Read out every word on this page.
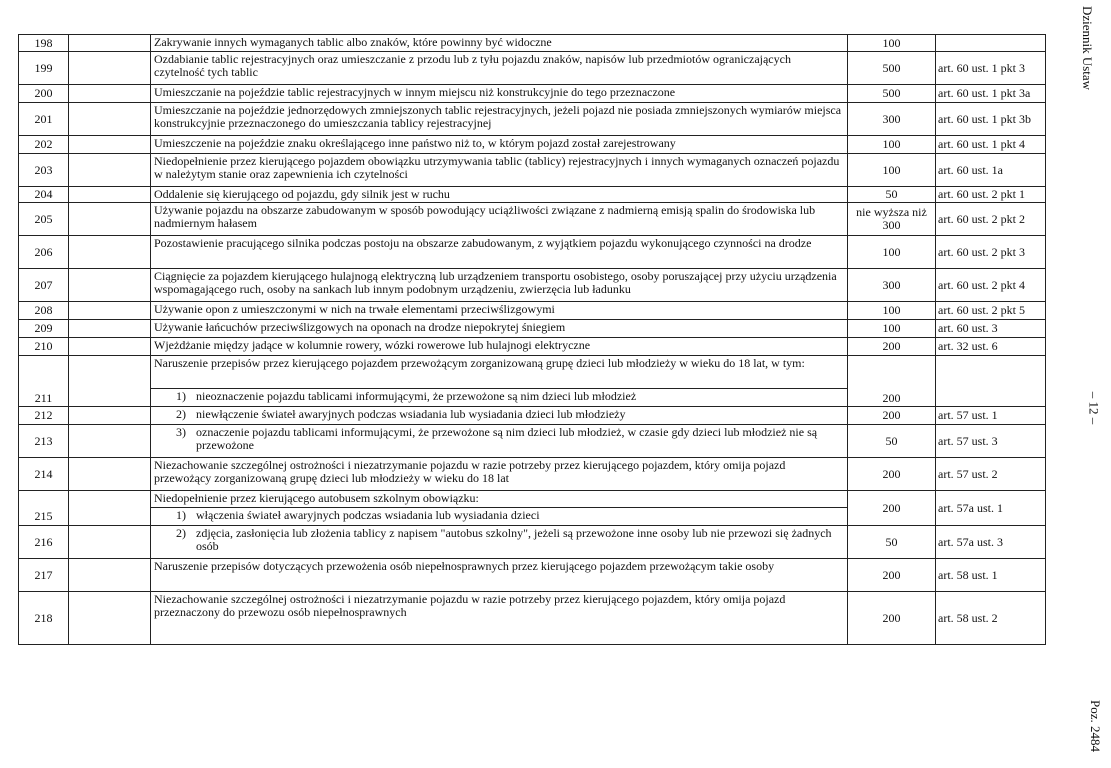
198		Zakrywanie innych wymaganych tablic albo znaków, które powinny być widoczne	100	
199		Ozdabianie tablic rejestracyjnych oraz umieszczanie z przodu lub z tyłu pojazdu znaków, napisów lub przedmiotów ograniczających czytelność tych tablic	500	art. 60 ust. 1 pkt 3
200		Umieszczanie na pojeździe tablic rejestracyjnych w innym miejscu niż konstrukcyjnie do tego przeznaczone	500	art. 60 ust. 1 pkt 3a
201		Umieszczanie na pojeździe jednorzędowych zmniejszonych tablic rejestracyjnych, jeżeli pojazd nie posiada zmniejszonych wymiarów miejsca konstrukcyjnie przeznaczonego do umieszczania tablicy rejestracyjnej	300	art. 60 ust. 1 pkt 3b
202		Umieszczenie na pojeździe znaku określającego inne państwo niż to, w którym pojazd został zarejestrowany	100	art. 60 ust. 1 pkt 4
203		Niedopełnienie przez kierującego pojazdem obowiązku utrzymywania tablic (tablicy) rejestracyjnych i innych wymaganych oznaczeń pojazdu w należytym stanie oraz zapewnienia ich czytelności	100	art. 60 ust. 1a
204		Oddalenie się kierującego od pojazdu, gdy silnik jest w ruchu	50	art. 60 ust. 2 pkt 1
205		Używanie pojazdu na obszarze zabudowanym w sposób powodujący uciążliwości związane z nadmierną emisją spalin do środowiska lub nadmiernym hałasem	nie wyższa niż 300	art. 60 ust. 2 pkt 2
206		Pozostawienie pracującego silnika podczas postoju na obszarze zabudowanym, z wyjątkiem pojazdu wykonującego czynności na drodze	100	art. 60 ust. 2 pkt 3
207		Ciągnięcie za pojazdem kierującego hulajnogą elektryczną lub urządzeniem transportu osobistego, osoby poruszającej przy użyciu urządzenia wspomagającego ruch, osoby na sankach lub innym podobnym urządzeniu, zwierzęcia lub ładunku	300	art. 60 ust. 2 pkt 4
208		Używanie opon z umieszczonymi w nich na trwałe elementami przeciwślizgowymi	100	art. 60 ust. 2 pkt 5
209		Używanie łańcuchów przeciwślizgowych na oponach na drodze niepokrytej śniegiem	100	art. 60 ust. 3
210		Wjeżdżanie między jadące w kolumnie rowery, wózki rowerowe lub hulajnogi elektryczne	200	art. 32 ust. 6
		Naruszenie przepisów przez kierującego pojazdem przewożącym zorganizowaną grupę dzieci lub młodzieży w wieku do 18 lat, w tym:		
211		1) nieoznaczenie pojazdu tablicami informującymi, że przewożone są nim dzieci lub młodzież	200	
212		2) niewłączenie świateł awaryjnych podczas wsiadania lub wysiadania dzieci lub młodzieży	200	art. 57 ust. 1
213		3) oznaczenie pojazdu tablicami informującymi, że przewożone są nim dzieci lub młodzież, w czasie gdy dzieci lub młodzież nie są przewożone	50	art. 57 ust. 3
214		Niezachowanie szczególnej ostrożności i niezatrzymanie pojazdu w razie potrzeby przez kierującego pojazdem, który omija pojazd przewożący zorganizowaną grupę dzieci lub młodzieży w wieku do 18 lat	200	art. 57 ust. 2
		Niedopełnienie przez kierującego autobusem szkolnym obowiązku:	200	art. 57a ust. 1
215		1) włączenia świateł awaryjnych podczas wsiadania lub wysiadania dzieci		

216		2) zdjęcia, zasłonięcia lub złożenia tablicy z napisem "autobus szkolny", jeżeli są przewożone inne osoby lub nie przewozi się żadnych osób	50	art. 57a ust. 3
217		Naruszenie przepisów dotyczących przewożenia osób niepełnosprawnych przez kierującego pojazdem przewożącym takie osoby	200	art. 58 ust. 1
218		Niezachowanie szczególnej ostrożności i niezatrzymanie pojazdu w razie potrzeby przez kierującego pojazdem, który omija pojazd przeznaczony do przewozu osób niepełnosprawnych	200	art. 58 ust. 2
Dziennik Ustaw
– 12 –
Poz. 2484
